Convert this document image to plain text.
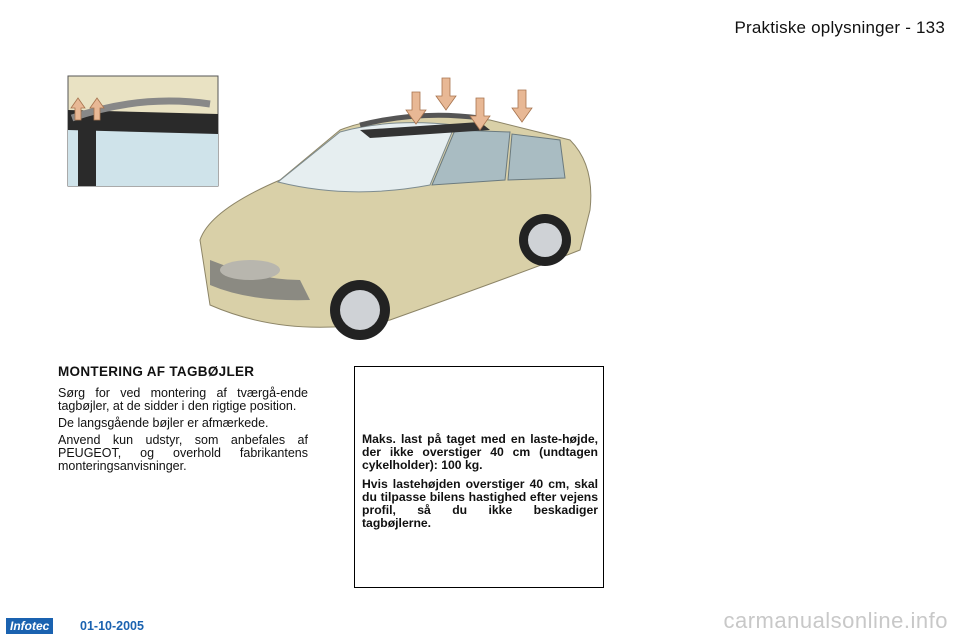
Praktiske oplysninger - 133
MONTERING AF TAGBØJLER

Sørg for ved montering af tværgå-ende tagbøjler, at de sidder i den rigtige position.

De langsgående bøjler er afmærkede.

Anvend kun udstyr, som anbefales af PEUGEOT, og overhold fabrikantens monteringsanvisninger.

Maks. last på taget med en laste-højde, der ikke overstiger 40 cm (undtagen cykelholder): 100 kg.

Hvis lastehøjden overstiger 40 cm, skal du tilpasse bilens hastighed efter vejens profil, så du ikke beskadiger tagbøjlerne.

Infotec	01-10-2005	carmanualsonline.info
